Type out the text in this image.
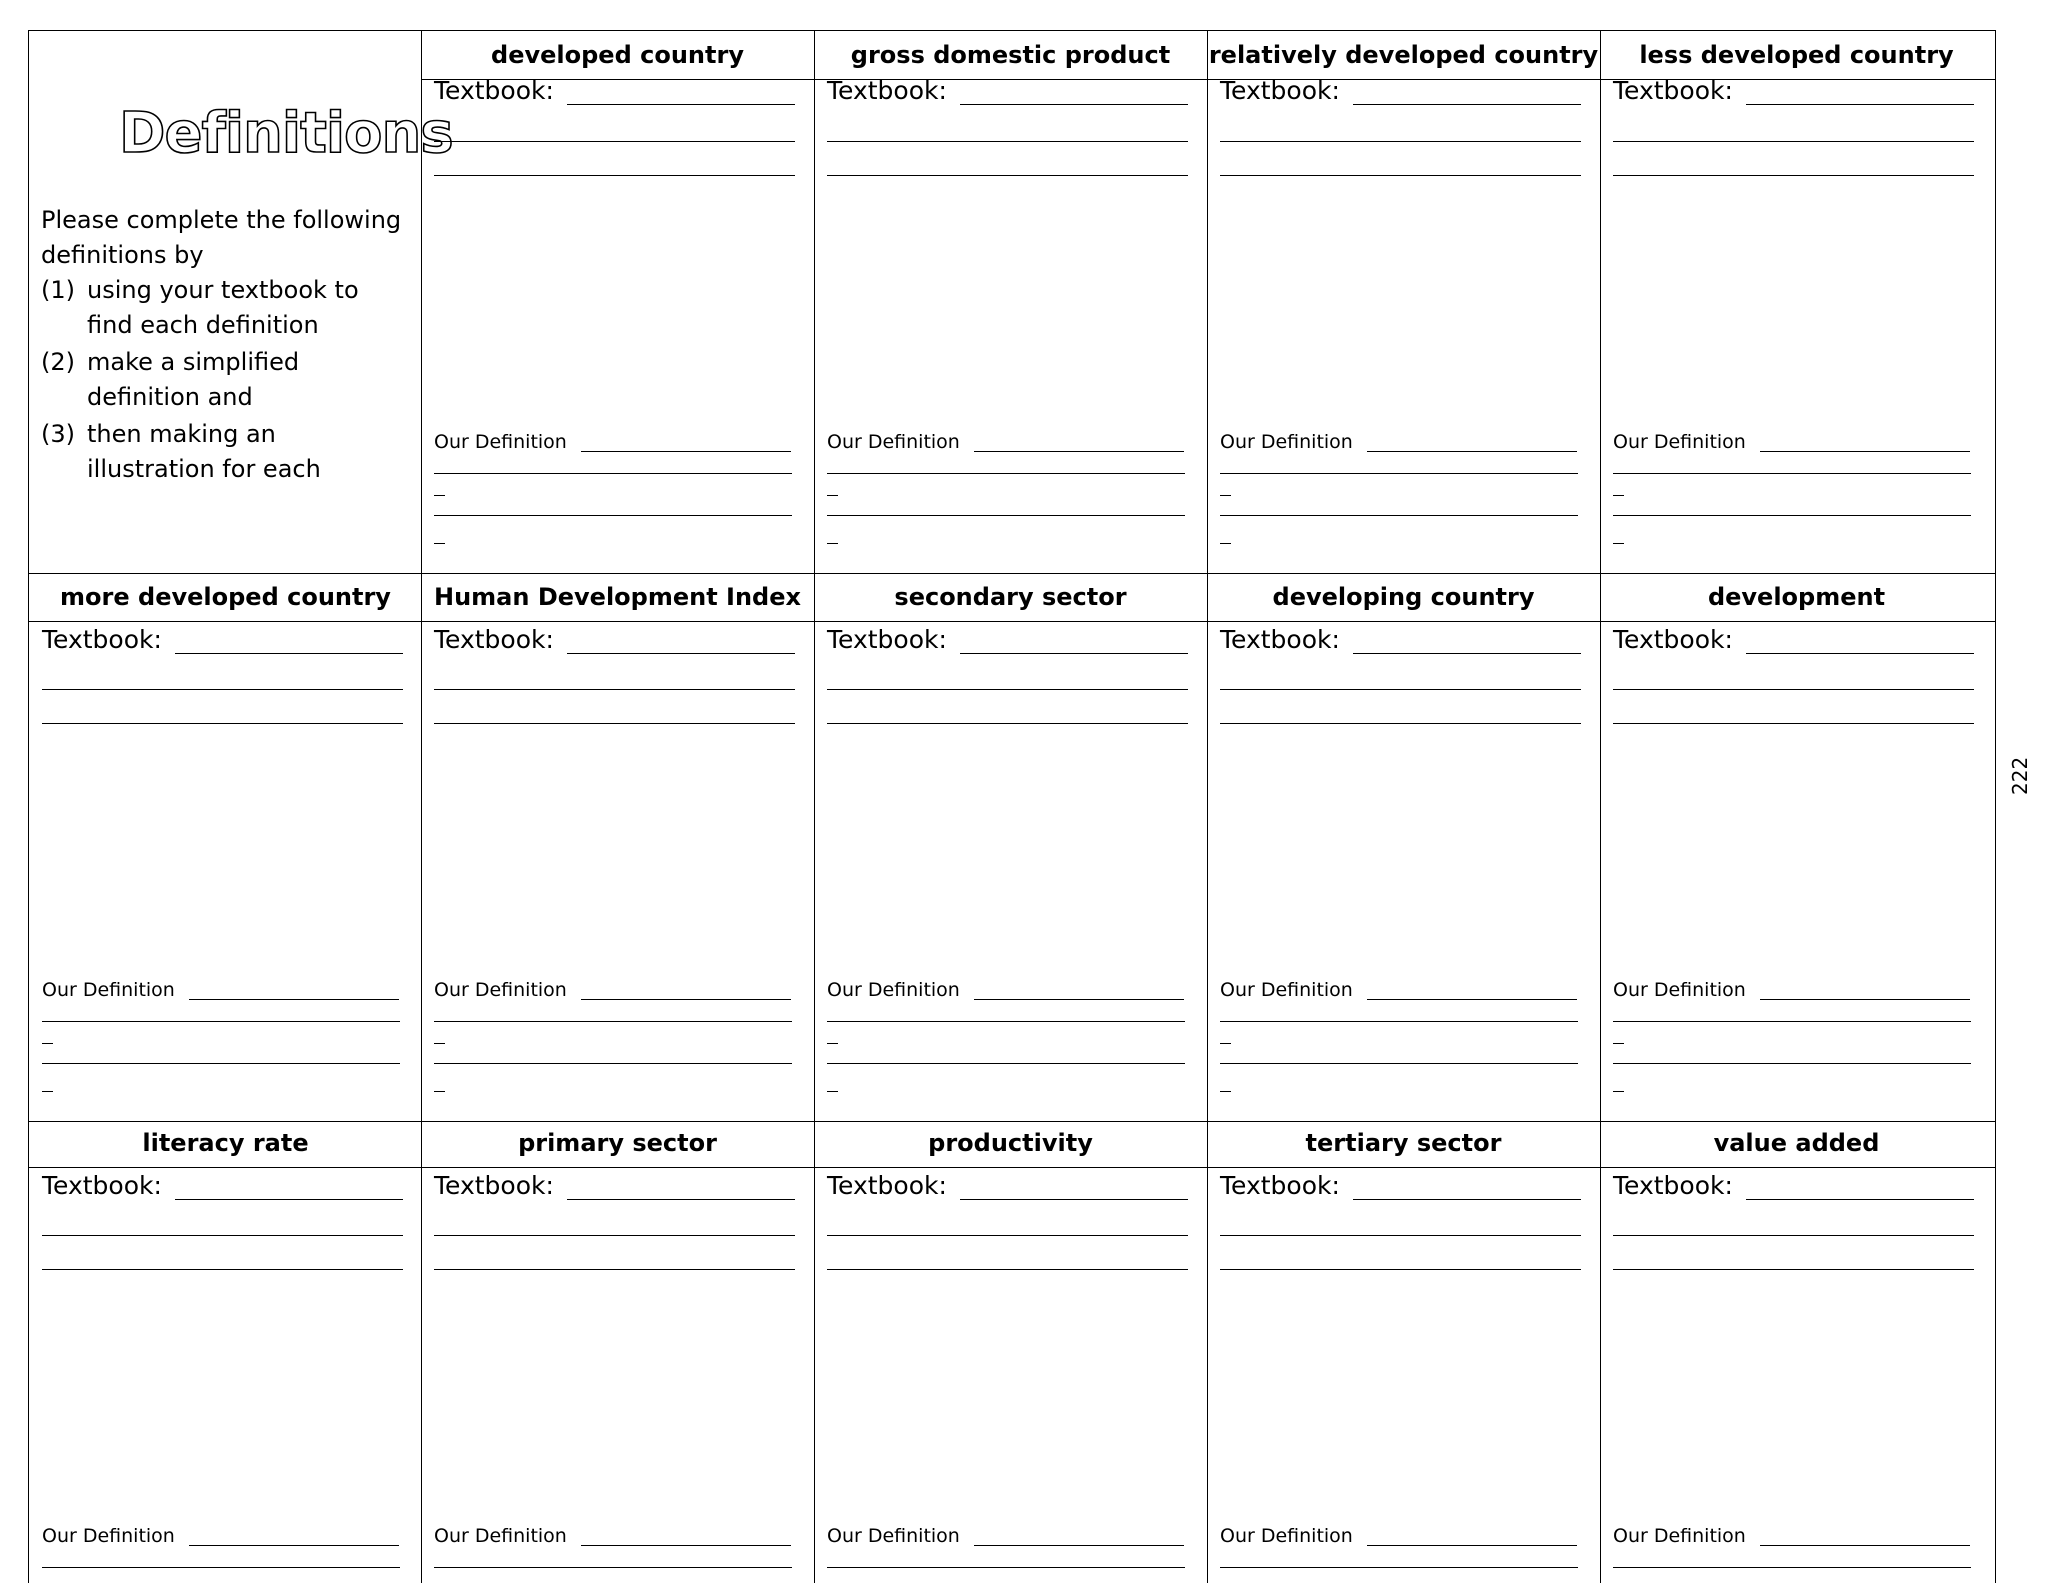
Definitions
Please complete the following definitions by
(1) using your textbook to find each definition
(2) make a simplified definition and
(3) then making an illustration for each
developed country
Textbook:
Our Definition
gross domestic product
Textbook:
Our Definition
relatively developed country
Textbook:
Our Definition
less developed country
Textbook:
Our Definition
more developed country
Textbook:
Our Definition
Human Development Index
Textbook:
Our Definition
secondary sector
Textbook:
Our Definition
developing country
Textbook:
Our Definition
development
Textbook:
Our Definition
literacy rate
Textbook:
Our Definition
primary sector
Textbook:
Our Definition
productivity
Textbook:
Our Definition
tertiary sector
Textbook:
Our Definition
value added
Textbook:
Our Definition
222
